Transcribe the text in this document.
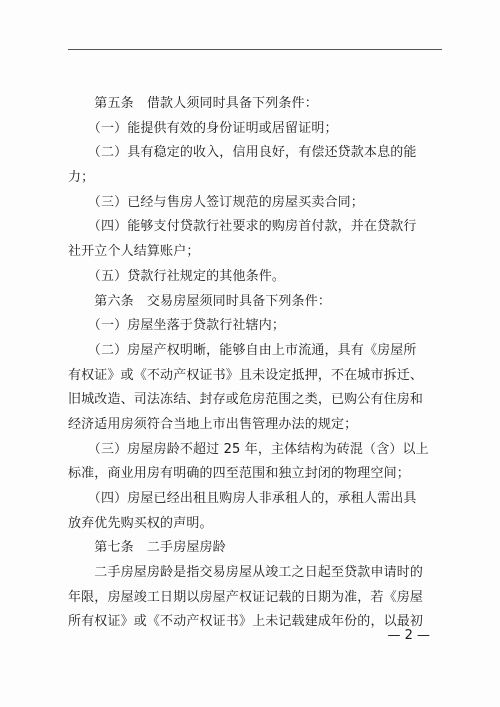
　　第五条　借款人须同时具备下列条件：
　　（一）能提供有效的身份证明或居留证明；
　　（二）具有稳定的收入，信用良好，有偿还贷款本息的能
力；
　　（三）已经与售房人签订规范的房屋买卖合同；
　　（四）能够支付贷款行社要求的购房首付款，并在贷款行
社开立个人结算账户；
　　（五）贷款行社规定的其他条件。
　　第六条　交易房屋须同时具备下列条件：
　　（一）房屋坐落于贷款行社辖内；
　　（二）房屋产权明晰，能够自由上市流通，具有《房屋所
有权证》或《不动产权证书》且未设定抵押，不在城市拆迁、
旧城改造、司法冻结、封存或危房范围之类，已购公有住房和
经济适用房须符合当地上市出售管理办法的规定；
　　（三）房屋房龄不超过 25 年，主体结构为砖混（含）以上
标准，商业用房有明确的四至范围和独立封闭的物理空间；
　　（四）房屋已经出租且购房人非承租人的，承租人需出具
放弃优先购买权的声明。
　　第七条　二手房屋房龄
　　二手房屋房龄是指交易房屋从竣工之日起至贷款申请时的
年限，房屋竣工日期以房屋产权证记载的日期为准，若《房屋
所有权证》或《不动产权证书》上未记载建成年份的，以最初
— 2 —
